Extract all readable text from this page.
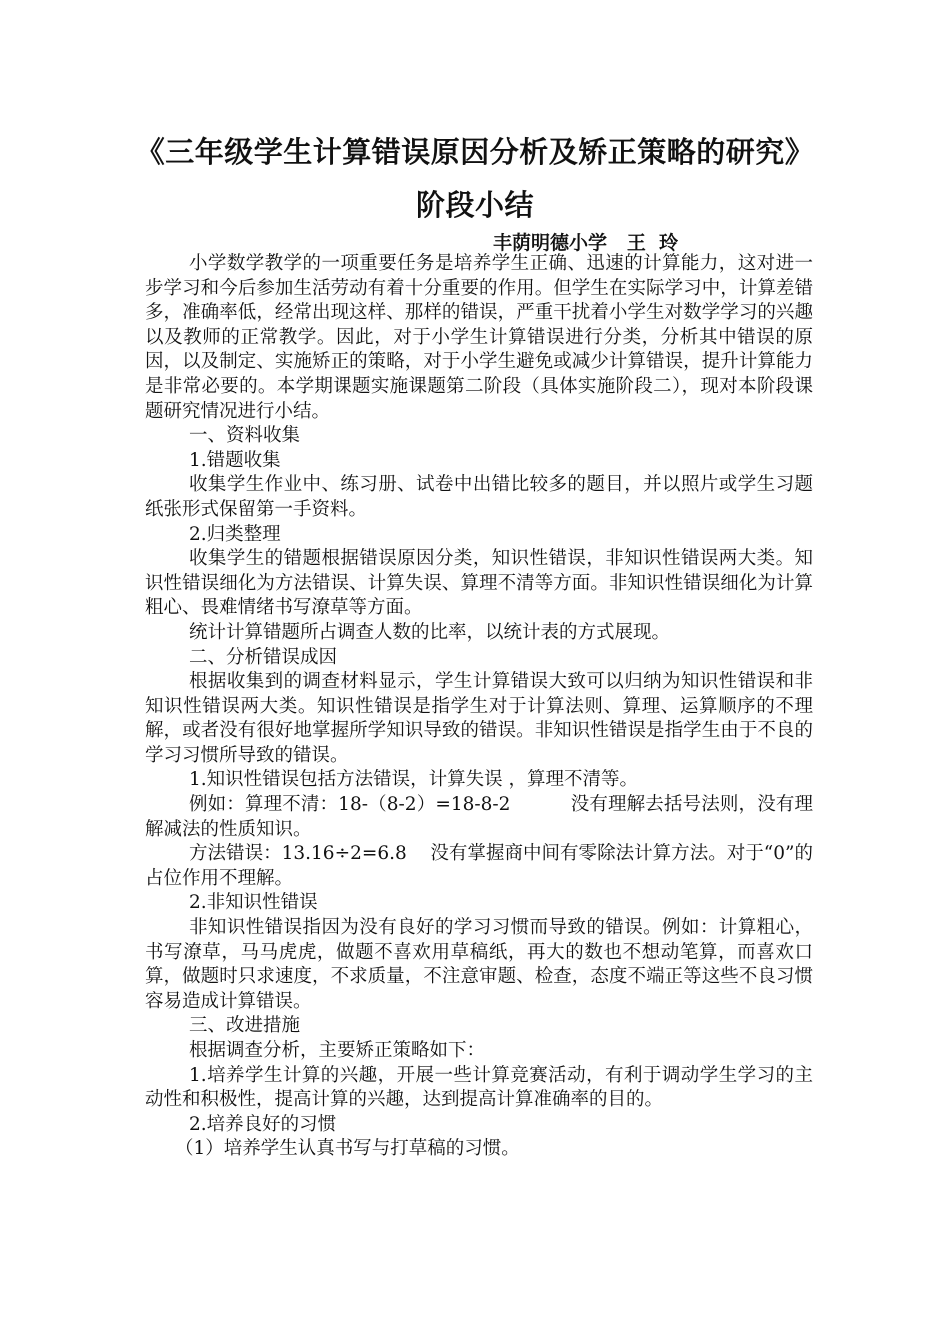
《三年级学生计算错误原因分析及矫正策略的研究》
阶段小结
丰荫明德小学   王  玲

小学数学教学的一项重要任务是培养学生正确、迅速的计算能力，这对进一步学习和今后参加生活劳动有着十分重要的作用。但学生在实际学习中，计算差错多，准确率低，经常出现这样、那样的错误，严重干扰着小学生对数学学习的兴趣以及教师的正常教学。因此，对于小学生计算错误进行分类，分析其中错误的原因，以及制定、实施矫正的策略，对于小学生避免或减少计算错误，提升计算能力是非常必要的。本学期课题实施课题第二阶段（具体实施阶段二），现对本阶段课题研究情况进行小结。

一、资料收集

1.错题收集

收集学生作业中、练习册、试卷中出错比较多的题目，并以照片或学生习题纸张形式保留第一手资料。

2.归类整理

收集学生的错题根据错误原因分类，知识性错误，非知识性错误两大类。知识性错误细化为方法错误、计算失误、算理不清等方面。非知识性错误细化为计算粗心、畏难情绪书写潦草等方面。

统计计算错题所占调查人数的比率，以统计表的方式展现。

二、分析错误成因

根据收集到的调查材料显示，学生计算错误大致可以归纳为知识性错误和非知识性错误两大类。知识性错误是指学生对于计算法则、算理、运算顺序的不理解，或者没有很好地掌握所学知识导致的错误。非知识性错误是指学生由于不良的学习习惯所导致的错误。

1.知识性错误包括方法错误，计算失误 ，算理不清等。

例如：算理不清：18-（8-2）=18-8-2          没有理解去括号法则，没有理解减法的性质知识。

方法错误：13.16÷2=6.8    没有掌握商中间有零除法计算方法。对于“0”的占位作用不理解。

2.非知识性错误

非知识性错误指因为没有良好的学习习惯而导致的错误。例如：计算粗心，书写潦草，马马虎虎，做题不喜欢用草稿纸，再大的数也不想动笔算，而喜欢口算，做题时只求速度，不求质量，不注意审题、检查，态度不端正等这些不良习惯容易造成计算错误。

三、改进措施

根据调查分析，主要矫正策略如下：

1.培养学生计算的兴趣，开展一些计算竞赛活动，有利于调动学生学习的主动性和积极性，提高计算的兴趣，达到提高计算准确率的目的。

2.培养良好的习惯

（1）培养学生认真书写与打草稿的习惯。
